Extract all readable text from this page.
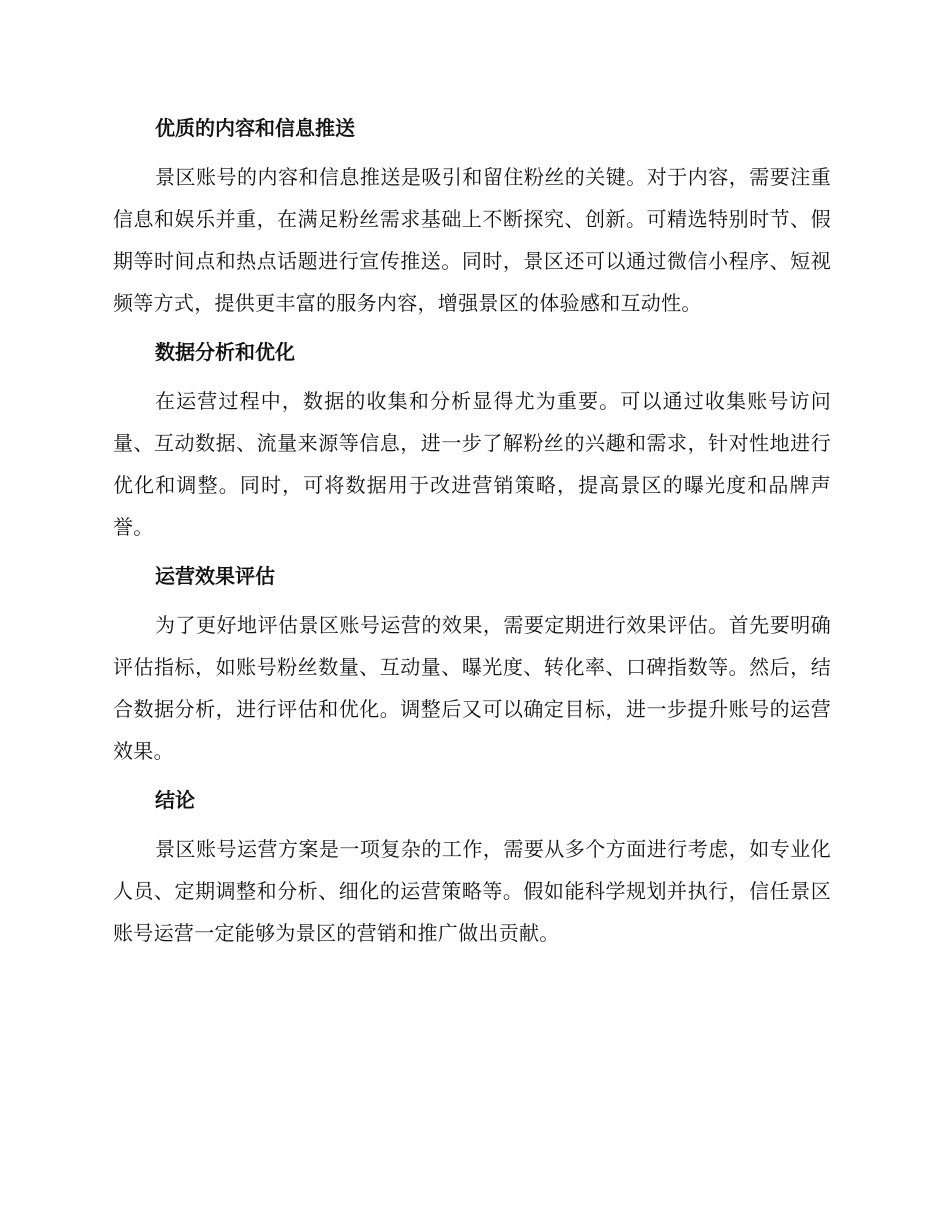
优质的内容和信息推送

景区账号的内容和信息推送是吸引和留住粉丝的关键。对于内容，需要注重信息和娱乐并重，在满足粉丝需求基础上不断探究、创新。可精选特别时节、假期等时间点和热点话题进行宣传推送。同时，景区还可以通过微信小程序、短视频等方式，提供更丰富的服务内容，增强景区的体验感和互动性。

数据分析和优化

在运营过程中，数据的收集和分析显得尤为重要。可以通过收集账号访问量、互动数据、流量来源等信息，进一步了解粉丝的兴趣和需求，针对性地进行优化和调整。同时，可将数据用于改进营销策略，提高景区的曝光度和品牌声誉。

运营效果评估

为了更好地评估景区账号运营的效果，需要定期进行效果评估。首先要明确评估指标，如账号粉丝数量、互动量、曝光度、转化率、口碑指数等。然后，结合数据分析，进行评估和优化。调整后又可以确定目标，进一步提升账号的运营效果。

结论

景区账号运营方案是一项复杂的工作，需要从多个方面进行考虑，如专业化人员、定期调整和分析、细化的运营策略等。假如能科学规划并执行，信任景区账号运营一定能够为景区的营销和推广做出贡献。
